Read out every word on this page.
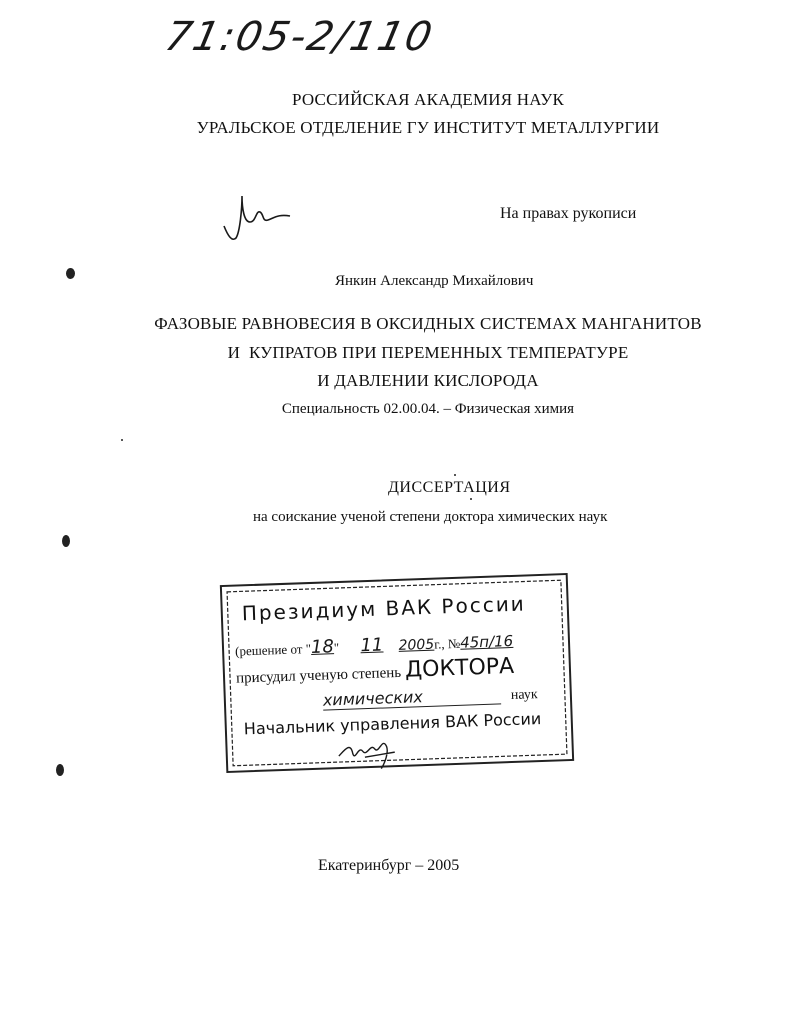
71:05-2/110
РОССИЙСКАЯ АКАДЕМИЯ НАУК
УРАЛЬСКОЕ ОТДЕЛЕНИЕ ГУ ИНСТИТУТ МЕТАЛЛУРГИИ
На правах рукописи
Янкин Александр Михайлович
ФАЗОВЫЕ РАВНОВЕСИЯ В ОКСИДНЫХ СИСТЕМАХ МАНГАНИТОВ
И  КУПРАТОВ ПРИ ПЕРЕМЕННЫХ ТЕМПЕРАТУРЕ
И ДАВЛЕНИИ КИСЛОРОДА
Специальность 02.00.04. – Физическая химия
ДИССЕРТАЦИЯ
на соискание ученой степени доктора химических наук
Президиум ВАК России
(решение от "18" 11 2005г., №45п/16
присудил ученую степень ДОКТОРА
химических	наук
Начальник управления ВАК России
Екатеринбург – 2005
